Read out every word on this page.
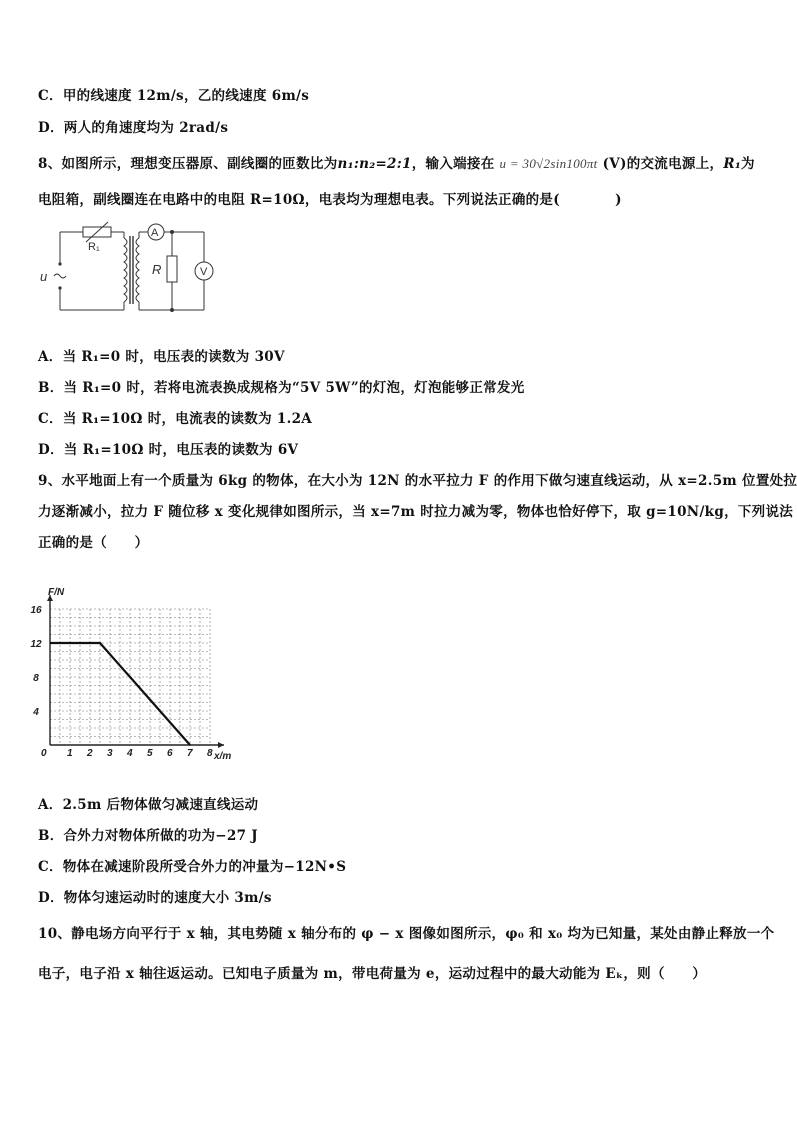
C．甲的线速度 12m/s，乙的线速度 6m/s
D．两人的角速度均为 2rad/s
8、如图所示，理想变压器原、副线圈的匝数比为n₁:n₂=2:1，输入端接在 u = 30√2sin100πt (V)的交流电源上，R₁为
电阻箱，副线圈连在电路中的电阻 R=10Ω，电表均为理想电表。下列说法正确的是(　　　　)
u
R₁
A
R	V
A．当 R₁=0 时，电压表的读数为 30V
B．当 R₁=0 时，若将电流表换成规格为“5V 5W”的灯泡，灯泡能够正常发光
C．当 R₁=10Ω 时，电流表的读数为 1.2A
D．当 R₁=10Ω 时，电压表的读数为 6V
9、水平地面上有一个质量为 6kg 的物体，在大小为 12N 的水平拉力 F 的作用下做匀速直线运动，从 x=2.5m 位置处拉
力逐渐减小，拉力 F 随位移 x 变化规律如图所示，当 x=7m 时拉力减为零，物体也恰好停下，取 g=10N/kg，下列说法
正确的是（　　）
0 1 2 3 4 5 6 7 8
4
8
12
16
x/m
F/N
A．2.5m 后物体做匀减速直线运动
B．合外力对物体所做的功为−27 J
C．物体在减速阶段所受合外力的冲量为−12N•S
D．物体匀速运动时的速度大小 3m/s
10、静电场方向平行于 x 轴，其电势随 x 轴分布的 φ − x 图像如图所示，φ₀ 和 x₀ 均为已知量，某处由静止释放一个
电子，电子沿 x 轴往返运动。已知电子质量为 m，带电荷量为 e，运动过程中的最大动能为 Eₖ，则（　　）
